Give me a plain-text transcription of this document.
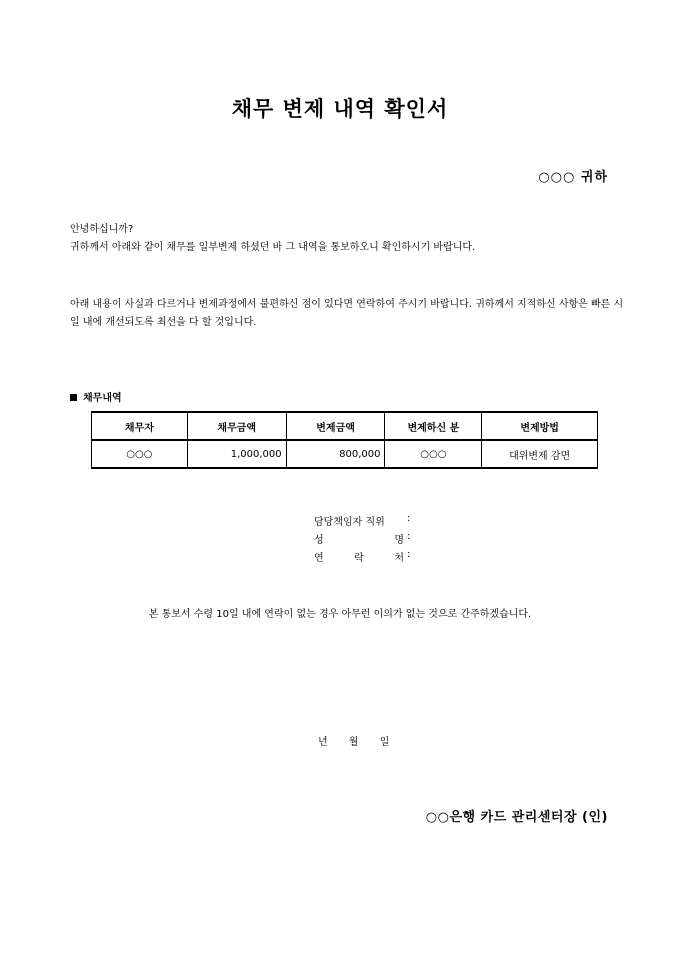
채무 변제 내역 확인서
○○○ 귀하
안녕하십니까?
귀하께서 아래와 같이 채무를 일부변제 하셨던 바 그 내역을 통보하오니 확인하시기 바랍니다.
아래 내용이 사실과 다르거나 변제과정에서 불편하신 점이 있다면 연락하여 주시기 바랍니다. 귀하께서 지적하신 사항은 빠른 시일 내에 개선되도록 최선을 다 할 것입니다.
채무내역
채무자	채무금액	변제금액	변제하신 분	변제방법
○○○	1,000,000	800,000	○○○	대위변제 감면
담당책임자 직위	:
성	명 :
연	락	처 :
본 통보서 수령 10일 내에 연락이 없는 경우 아무런 이의가 없는 것으로 간주하겠습니다.
년 월 일
○○은행 카드 관리센터장 (인)
